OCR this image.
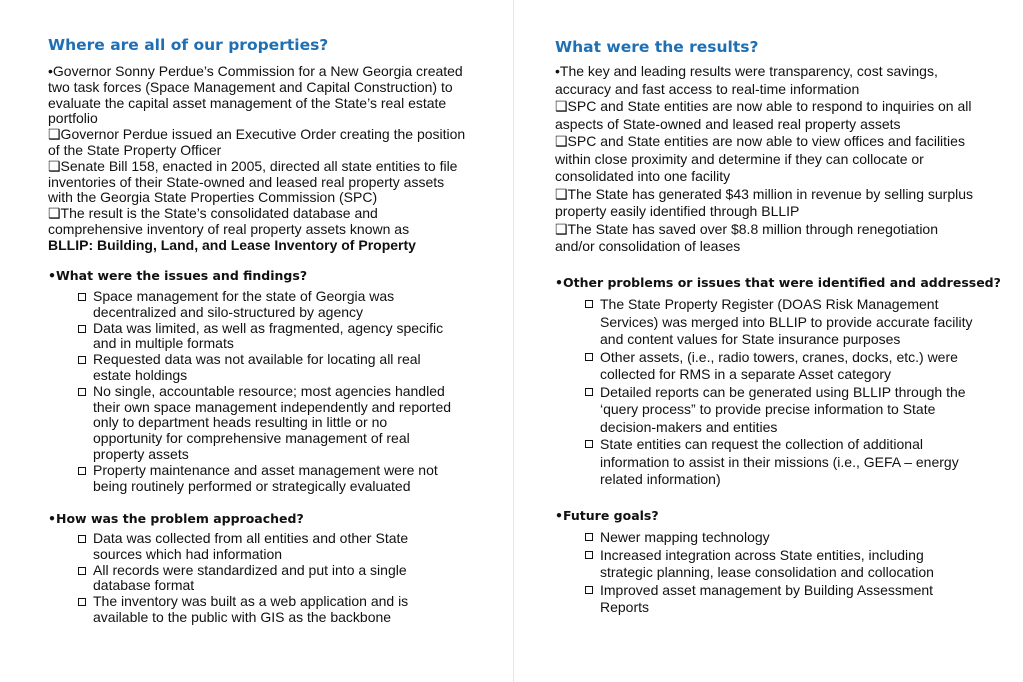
Where are all of our properties?
•Governor Sonny Perdue’s Commission for a New Georgia created two task forces (Space Management and Capital Construction) to evaluate the capital asset management of the State’s real estate portfolio
❑Governor Perdue issued an Executive Order creating the position of the State Property Officer
❑Senate Bill 158, enacted in 2005, directed all state entities to file inventories of their State-owned and leased real property assets with the Georgia State Properties Commission (SPC)
❑The result is the State’s consolidated database and comprehensive inventory of real property assets known as
BLLIP: Building, Land, and Lease Inventory of Property
•What were the issues and findings?
Space management for the state of Georgia was decentralized and silo-structured by agency
Data was limited, as well as fragmented, agency specific and in multiple formats
Requested data was not available for locating all real estate holdings
No single, accountable resource; most agencies handled their own space management independently and reported only to department heads resulting in little or no opportunity for comprehensive management of real property assets
Property maintenance and asset management were not being routinely performed or strategically evaluated
•How was the problem approached?
Data was collected from all entities and other State sources which had information
All records were standardized and put into a single database format
The inventory was built as a web application and is available to the public with GIS as the backbone
What were the results?
•The key and leading results were transparency, cost savings, accuracy and fast access to real-time information
❑SPC and State entities are now able to respond to inquiries on all aspects of State-owned and leased real property assets
❑SPC and State entities are now able to view offices and facilities within close proximity and determine if they can collocate or consolidated into one facility
❑The State has generated $43 million in revenue by selling surplus property easily identified through BLLIP
❑The State has saved over $8.8 million through renegotiation and/or consolidation of leases
•Other problems or issues that were identified and addressed?
The State Property Register (DOAS Risk Management Services) was merged into BLLIP to provide accurate facility and content values for State insurance purposes
Other assets, (i.e., radio towers, cranes, docks, etc.) were collected for RMS in a separate Asset category
Detailed reports can be generated using BLLIP through the ‘query process” to provide precise information to State decision-makers and entities
State entities can request the collection of additional information to assist in their missions (i.e., GEFA – energy related information)
•Future goals?
Newer mapping technology
Increased integration across State entities, including strategic planning, lease consolidation and collocation
Improved asset management by Building Assessment Reports
